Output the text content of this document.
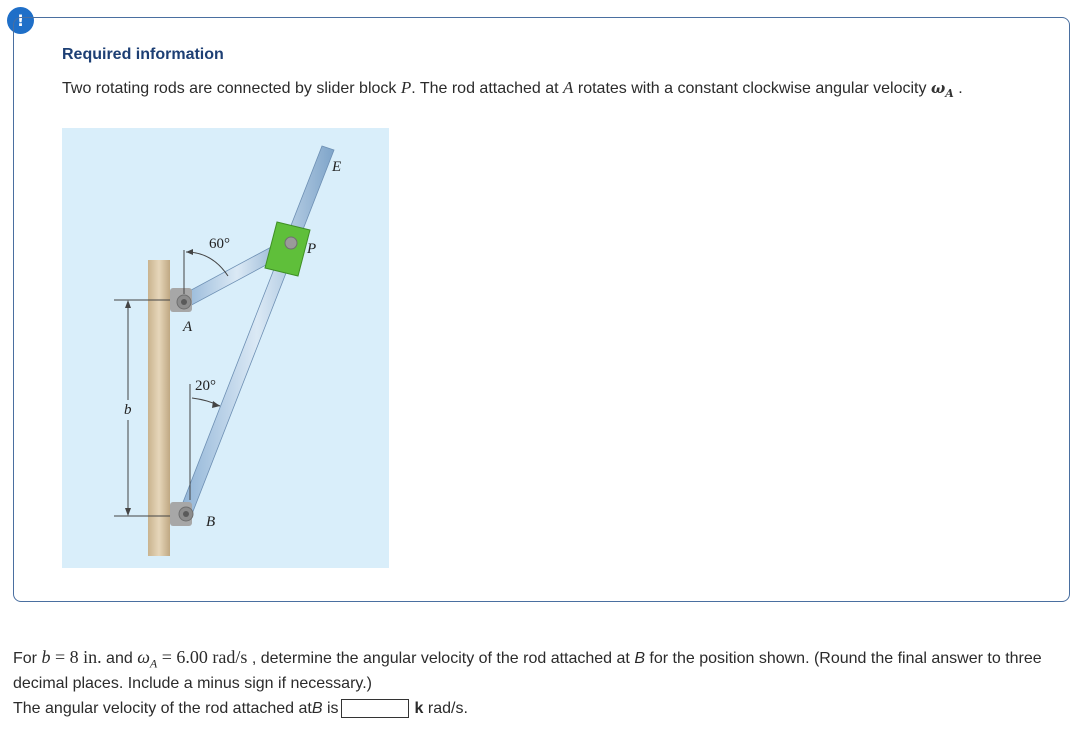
!
Required information
Two rotating rods are connected by slider block P. The rod attached at A rotates with a constant clockwise angular velocity $\omega_A$ .
b
60°
20°
E
P
A
B
For b = 8 in. and $\omega_A = 6.00$ rad/s , determine the angular velocity of the rod attached at B for the position shown. (Round the final answer to three decimal places. Include a minus sign if necessary.)
The angular velocity of the rod attached at B is	k rad/s.
